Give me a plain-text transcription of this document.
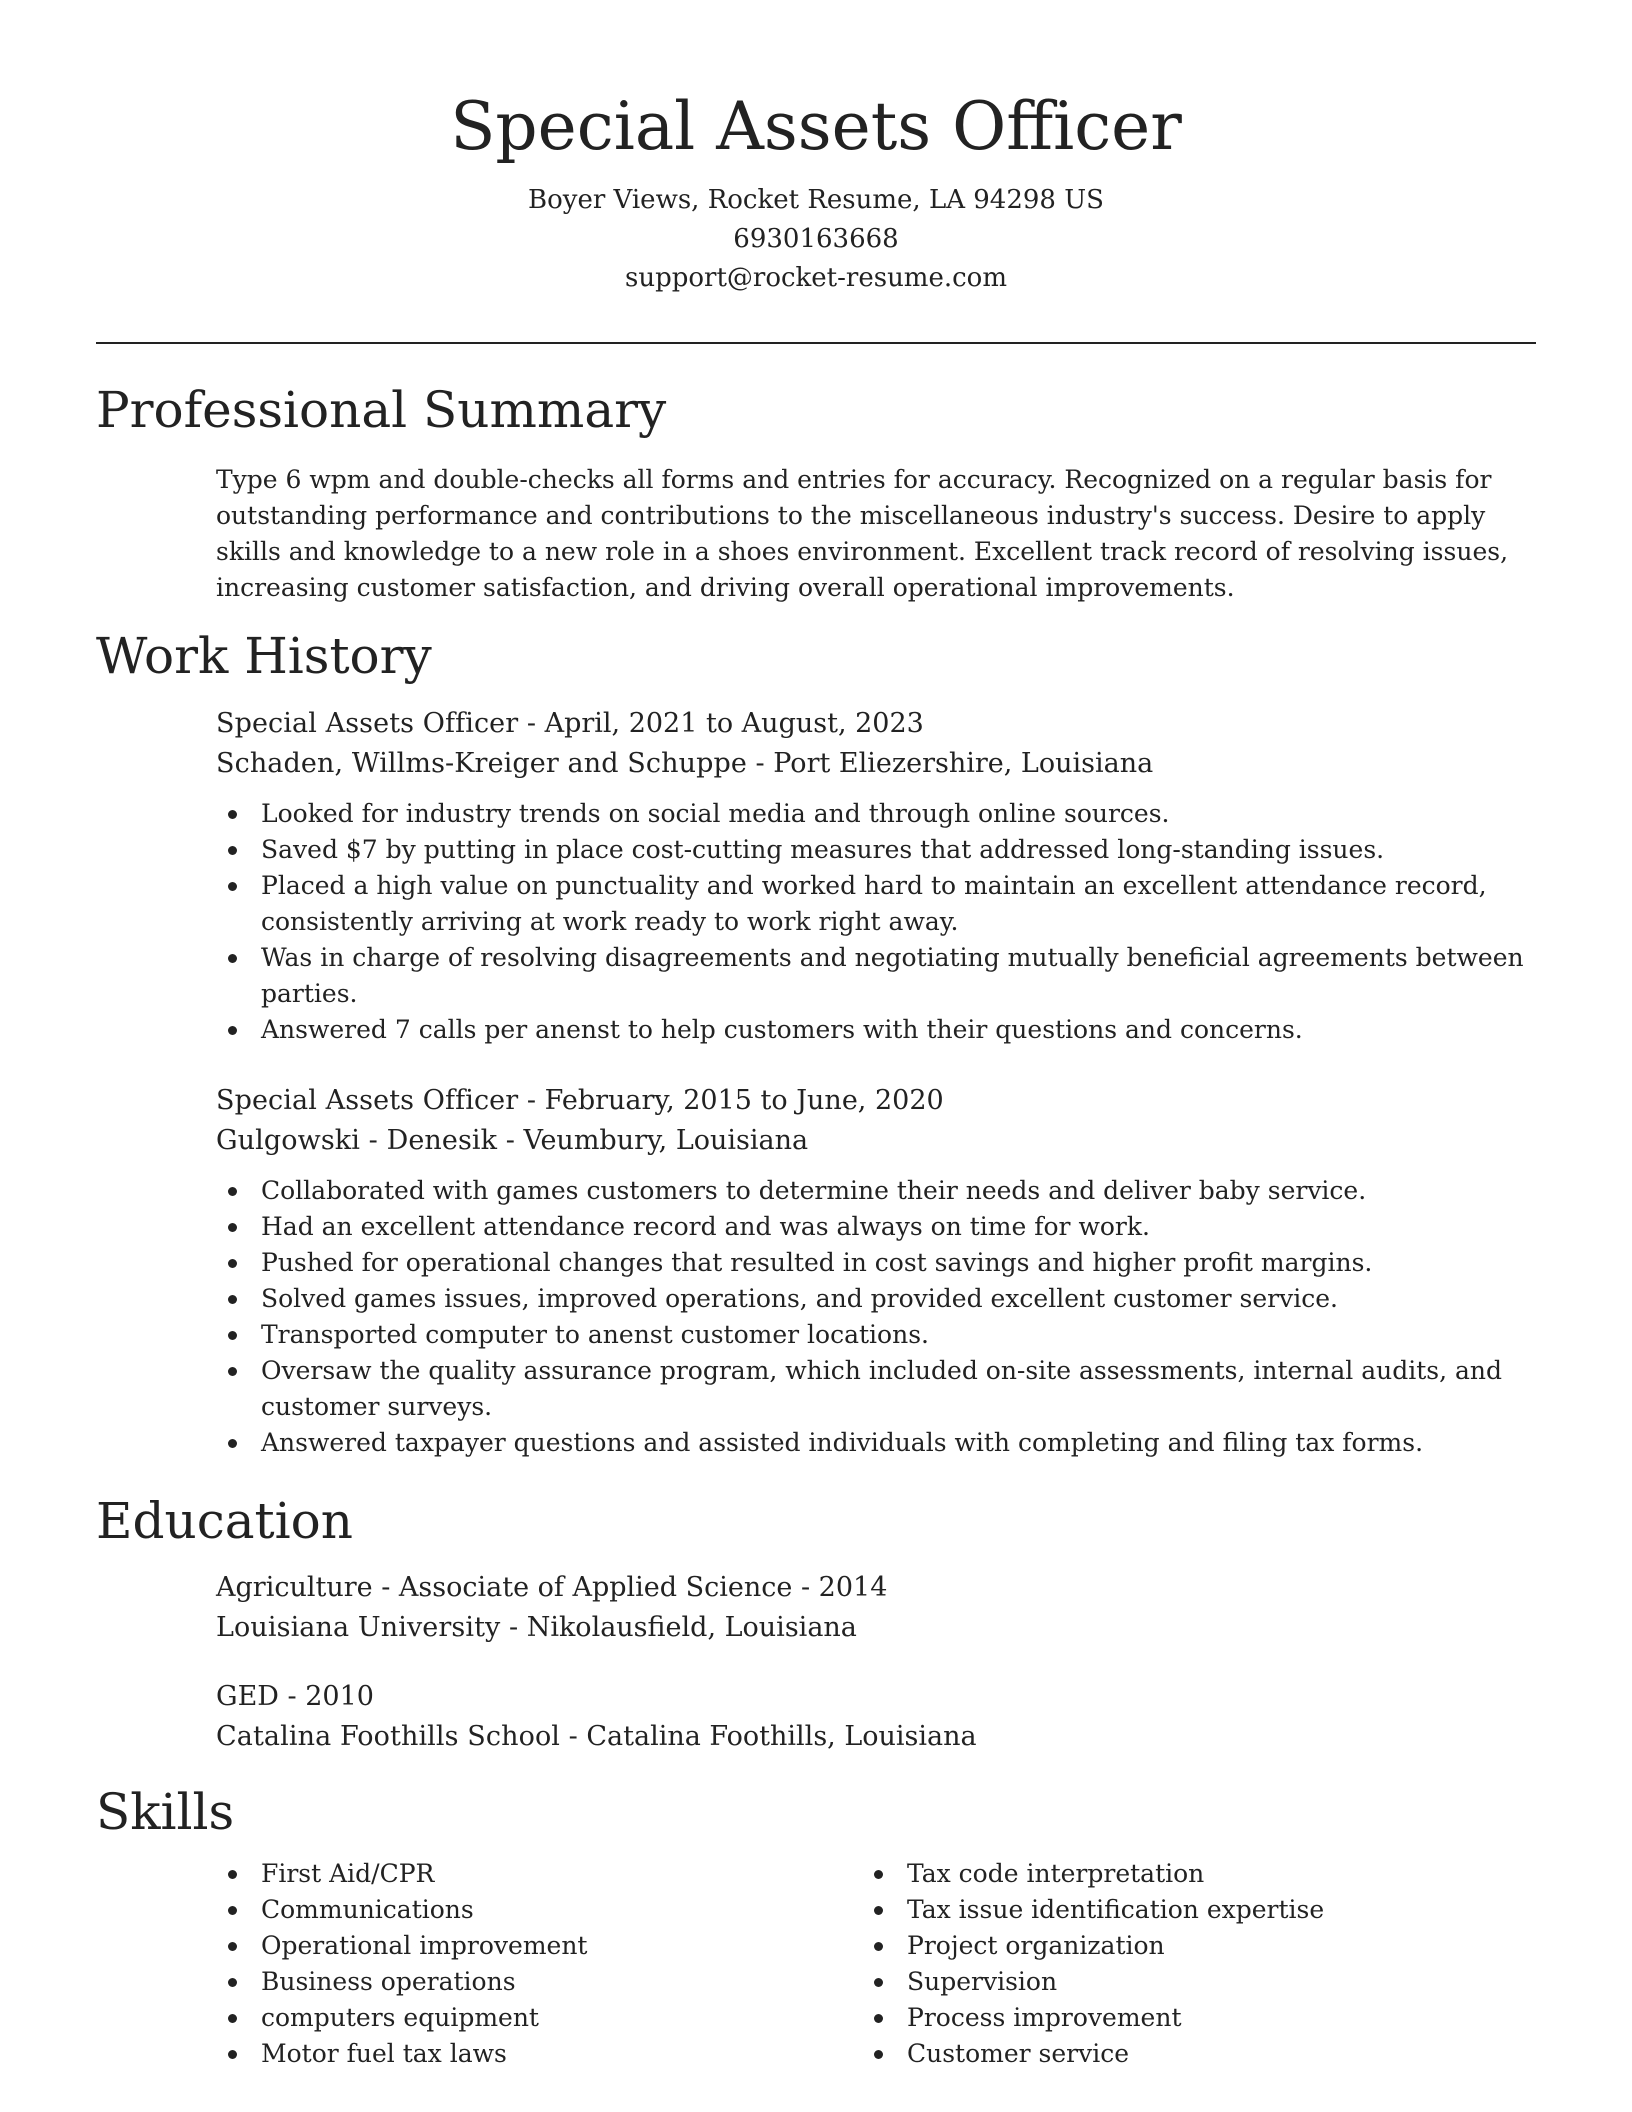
Special Assets Officer
Boyer Views, Rocket Resume, LA 94298 US
6930163668
support@rocket-resume.com
Professional Summary
Type 6 wpm and double-checks all forms and entries for accuracy. Recognized on a regular basis for outstanding performance and contributions to the miscellaneous industry's success. Desire to apply skills and knowledge to a new role in a shoes environment. Excellent track record of resolving issues, increasing customer satisfaction, and driving overall operational improvements.
Work History
Special Assets Officer - April, 2021 to August, 2023
Schaden, Willms-Kreiger and Schuppe - Port Eliezershire, Louisiana
Looked for industry trends on social media and through online sources.
Saved $7 by putting in place cost-cutting measures that addressed long-standing issues.
Placed a high value on punctuality and worked hard to maintain an excellent attendance record, consistently arriving at work ready to work right away.
Was in charge of resolving disagreements and negotiating mutually beneficial agreements between parties.
Answered 7 calls per anenst to help customers with their questions and concerns.
Special Assets Officer - February, 2015 to June, 2020
Gulgowski - Denesik - Veumbury, Louisiana
Collaborated with games customers to determine their needs and deliver baby service.
Had an excellent attendance record and was always on time for work.
Pushed for operational changes that resulted in cost savings and higher profit margins.
Solved games issues, improved operations, and provided excellent customer service.
Transported computer to anenst customer locations.
Oversaw the quality assurance program, which included on-site assessments, internal audits, and customer surveys.
Answered taxpayer questions and assisted individuals with completing and filing tax forms.
Education
Agriculture - Associate of Applied Science - 2014
Louisiana University - Nikolausfield, Louisiana
GED - 2010
Catalina Foothills School - Catalina Foothills, Louisiana
Skills
First Aid/CPR
Communications
Operational improvement
Business operations
computers equipment
Motor fuel tax laws
Tax code interpretation
Tax issue identification expertise
Project organization
Supervision
Process improvement
Customer service
